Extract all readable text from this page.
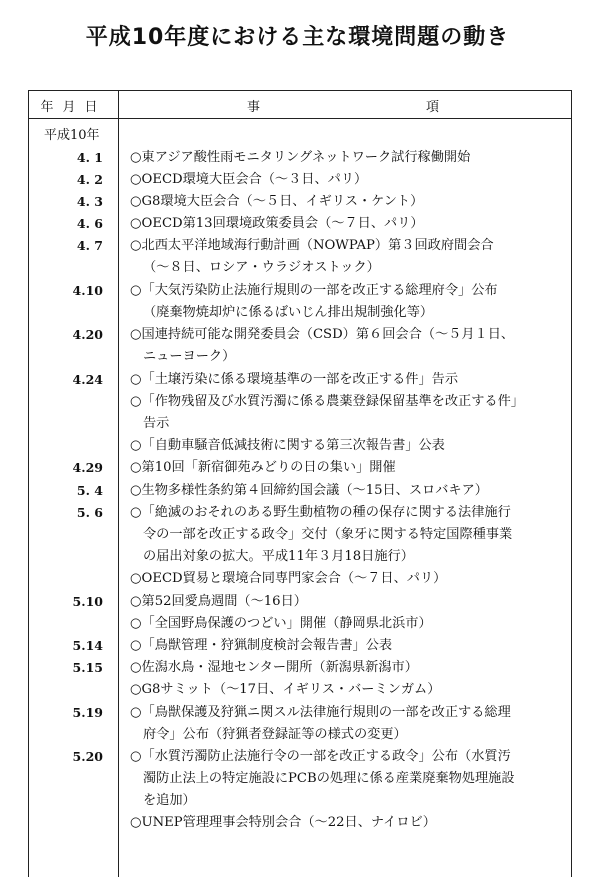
平成10年度における主な環境問題の動き
年月日	事	項
平成10年
4. 1 ○東アジア酸性雨モニタリングネットワーク試行稼働開始
4. 2 ○OECD環境大臣会合（～３日、パリ）
4. 3 ○G8環境大臣会合（～５日、イギリス・ケント）
4. 6 ○OECD第13回環境政策委員会（～７日、パリ）
4. 7 ○北西太平洋地域海行動計画（NOWPAP）第３回政府間会合
（～８日、ロシア・ウラジオストック）
4.10 ○「大気汚染防止法施行規則の一部を改正する総理府令」公布
（廃棄物焼却炉に係るばいじん排出規制強化等）
4.20 ○国連持続可能な開発委員会（CSD）第６回会合（～５月１日、
ニューヨーク）
4.24 ○「土壌汚染に係る環境基準の一部を改正する件」告示
○「作物残留及び水質汚濁に係る農薬登録保留基準を改正する件」
告示
○「自動車騒音低減技術に関する第三次報告書」公表
4.29 ○第10回「新宿御苑みどりの日の集い」開催
5. 4 ○生物多様性条約第４回締約国会議（～15日、スロバキア）
5. 6 ○「絶滅のおそれのある野生動植物の種の保存に関する法律施行
令の一部を改正する政令」交付（象牙に関する特定国際種事業
の届出対象の拡大。平成11年３月18日施行）
○OECD貿易と環境合同専門家会合（～７日、パリ）
5.10 ○第52回愛鳥週間（～16日）
○「全国野鳥保護のつどい」開催（静岡県北浜市）
5.14 ○「鳥獣管理・狩猟制度検討会報告書」公表
5.15 ○佐潟水鳥・湿地センター開所（新潟県新潟市）
○G8サミット（～17日、イギリス・バーミンガム）
5.19 ○「鳥獣保護及狩猟ニ関スル法律施行規則の一部を改正する総理
府令」公布（狩猟者登録証等の様式の変更）
5.20 ○「水質汚濁防止法施行令の一部を改正する政令」公布（水質汚
濁防止法上の特定施設にPCBの処理に係る産業廃棄物処理施設
を追加）
○UNEP管理理事会特別会合（～22日、ナイロビ）
